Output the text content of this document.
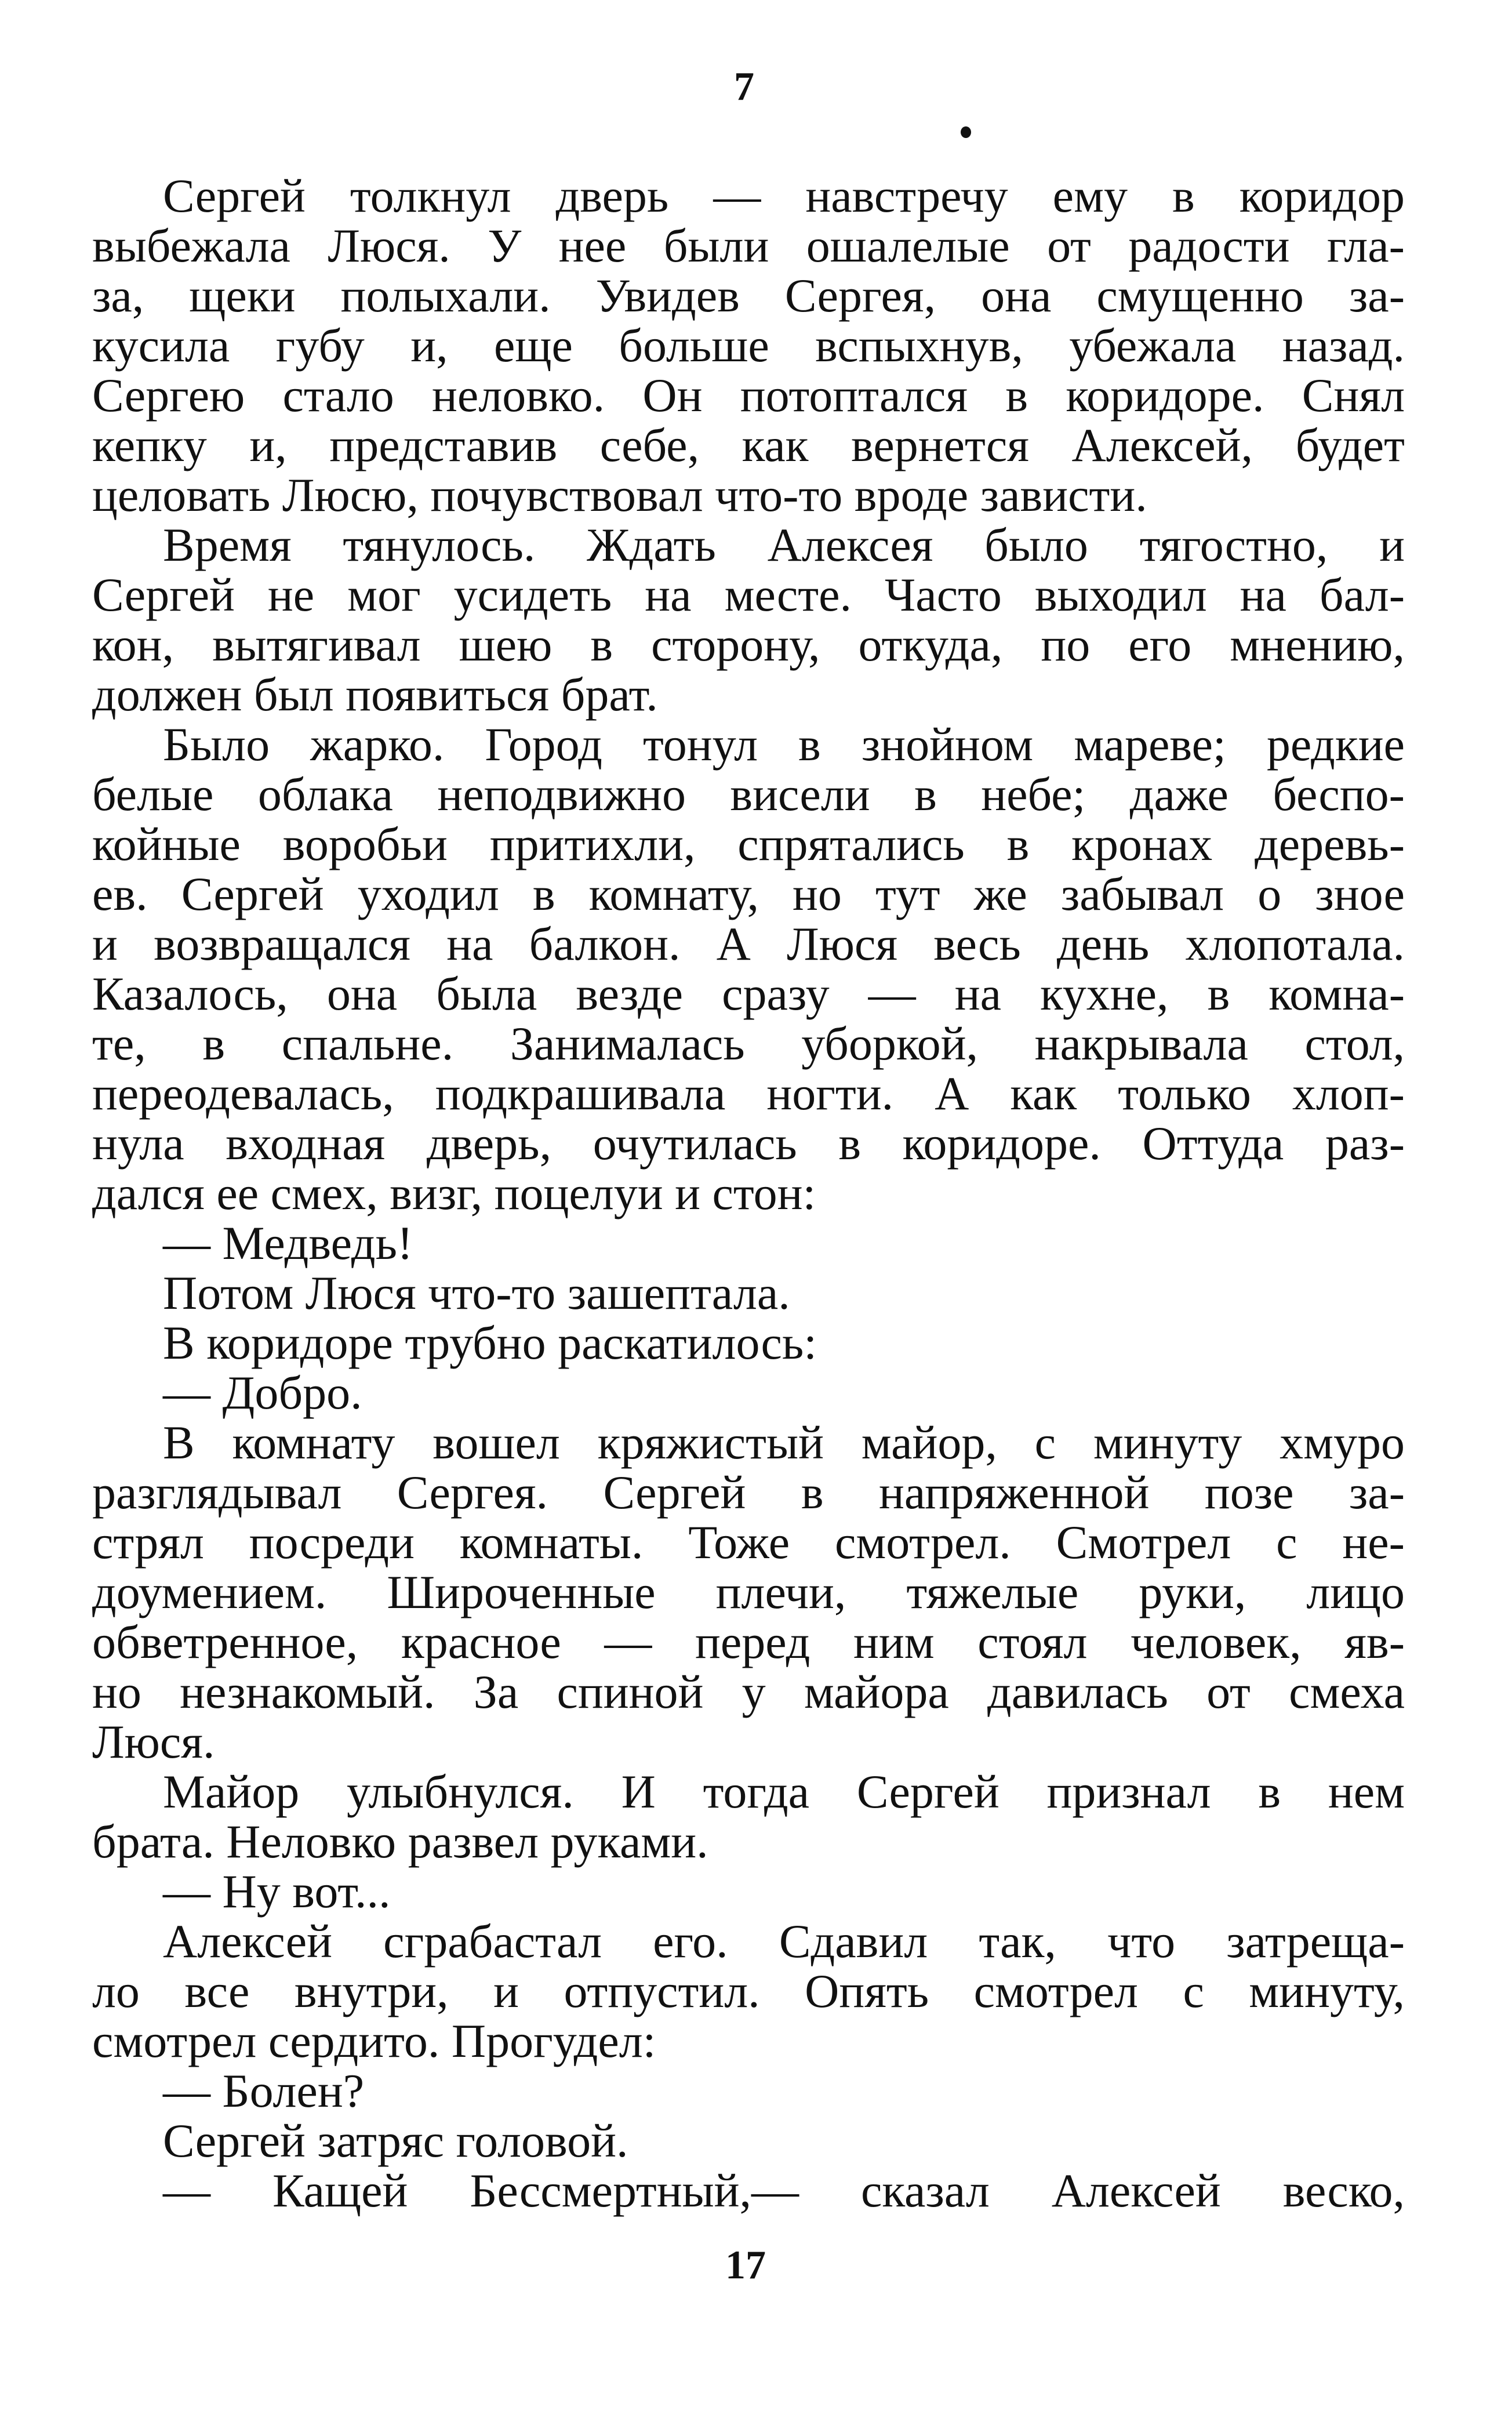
7
Сергей толкнул дверь — навстречу ему в коридор
выбежала Люся. У нее были ошалелые от радости гла-
за, щеки полыхали. Увидев Сергея, она смущенно за-
кусила губу и, еще больше вспыхнув, убежала назад.
Сергею стало неловко. Он потоптался в коридоре. Снял
кепку и, представив себе, как вернется Алексей, будет
целовать Люсю, почувствовал что-то вроде зависти.
Время тянулось. Ждать Алексея было тягостно, и
Сергей не мог усидеть на месте. Часто выходил на бал-
кон, вытягивал шею в сторону, откуда, по его мнению,
должен был появиться брат.
Было жарко. Город тонул в знойном мареве; редкие
белые облака неподвижно висели в небе; даже беспо-
койные воробьи притихли, спрятались в кронах деревь-
ев. Сергей уходил в комнату, но тут же забывал о зное
и возвращался на балкон. А Люся весь день хлопотала.
Казалось, она была везде сразу — на кухне, в комна-
те, в спальне. Занималась уборкой, накрывала стол,
переодевалась, подкрашивала ногти. А как только хлоп-
нула входная дверь, очутилась в коридоре. Оттуда раз-
дался ее смех, визг, поцелуи и стон:
— Медведь!
Потом Люся что-то зашептала.
В коридоре трубно раскатилось:
— Добро.
В комнату вошел кряжистый майор, с минуту хмуро
разглядывал Сергея. Сергей в напряженной позе за-
стрял посреди комнаты. Тоже смотрел. Смотрел с не-
доумением. Широченные плечи, тяжелые руки, лицо
обветренное, красное — перед ним стоял человек, яв-
но незнакомый. За спиной у майора давилась от смеха
Люся.
Майор улыбнулся. И тогда Сергей признал в нем
брата. Неловко развел руками.
— Ну вот...
Алексей сграбастал его. Сдавил так, что затреща-
ло все внутри, и отпустил. Опять смотрел с минуту,
смотрел сердито. Прогудел:
— Болен?
Сергей затряс головой.
— Кащей Бессмертный,— сказал Алексей веско,
17
